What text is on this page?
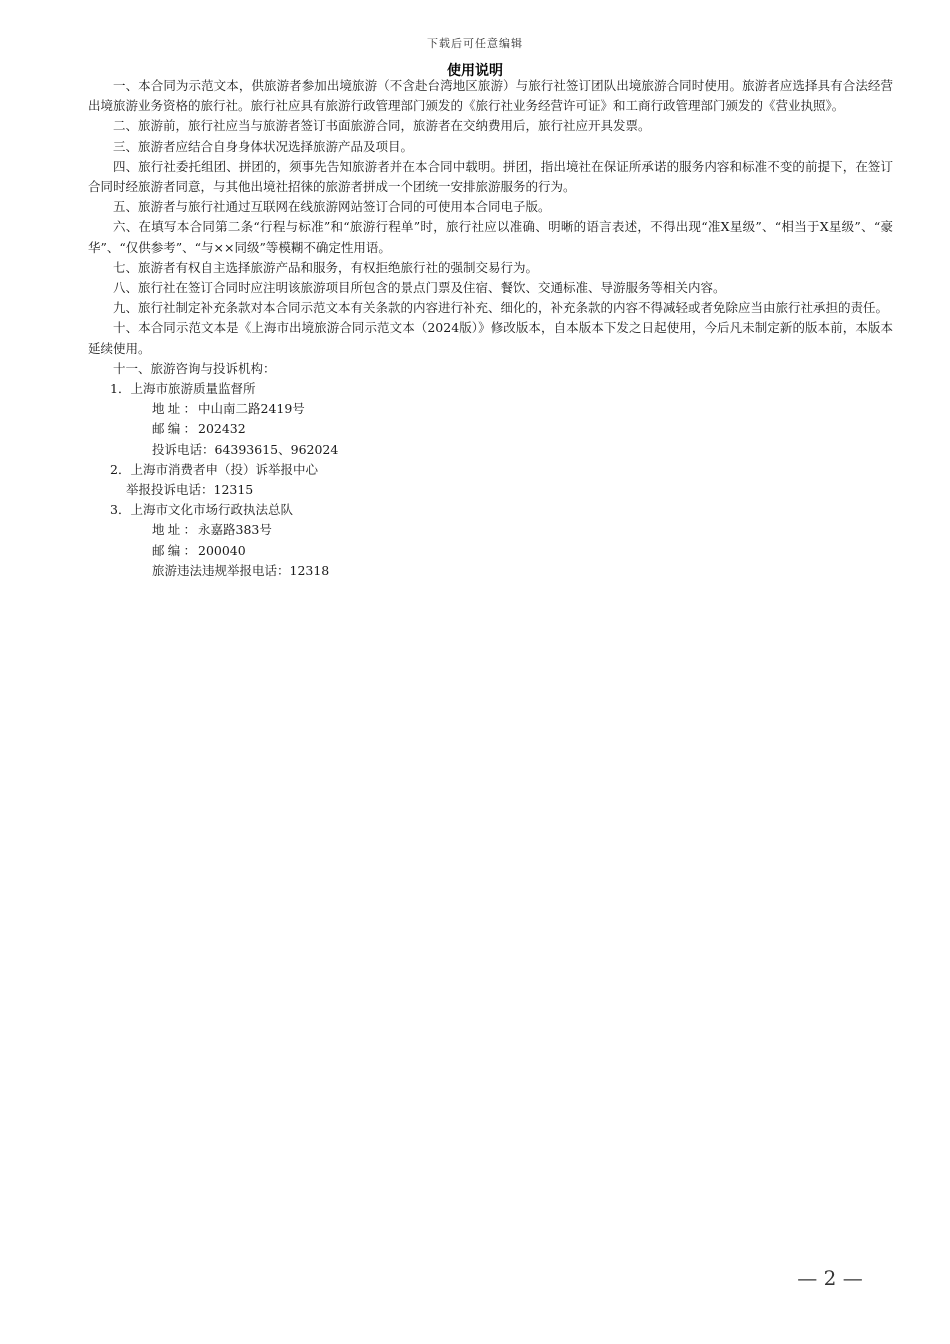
下载后可任意编辑
使用说明

一、本合同为示范文本，供旅游者参加出境旅游（不含赴台湾地区旅游）与旅行社签订团队出境旅游合同时使用。旅游者应选择具有合法经营出境旅游业务资格的旅行社。旅行社应具有旅游行政管理部门颁发的《旅行社业务经营许可证》和工商行政管理部门颁发的《营业执照》。

二、旅游前，旅行社应当与旅游者签订书面旅游合同，旅游者在交纳费用后，旅行社应开具发票。

三、旅游者应结合自身身体状况选择旅游产品及项目。

四、旅行社委托组团、拼团的，须事先告知旅游者并在本合同中载明。拼团，指出境社在保证所承诺的服务内容和标准不变的前提下，在签订合同时经旅游者同意，与其他出境社招徕的旅游者拼成一个团统一安排旅游服务的行为。

五、旅游者与旅行社通过互联网在线旅游网站签订合同的可使用本合同电子版。

六、在填写本合同第二条“行程与标准”和“旅游行程单”时，旅行社应以准确、明晰的语言表述，不得出现“准X星级”、“相当于X星级”、“豪华”、“仅供参考”、“与××同级”等模糊不确定性用语。

七、旅游者有权自主选择旅游产品和服务，有权拒绝旅行社的强制交易行为。

八、旅行社在签订合同时应注明该旅游项目所包含的景点门票及住宿、餐饮、交通标准、导游服务等相关内容。

九、旅行社制定补充条款对本合同示范文本有关条款的内容进行补充、细化的，补充条款的内容不得减轻或者免除应当由旅行社承担的责任。

十、本合同示范文本是《上海市出境旅游合同示范文本（2024版）》修改版本，自本版本下发之日起使用，今后凡未制定新的版本前，本版本延续使用。

十一、旅游咨询与投诉机构：

1．上海市旅游质量监督所

地址： 中山南二路2419号

邮编： 202432

投诉电话：64393615、962024

2．上海市消费者申（投）诉举报中心

举报投诉电话：12315

3．上海市文化市场行政执法总队

地址： 永嘉路383号

邮编： 200040

旅游违法违规举报电话：12318

— 2 —
